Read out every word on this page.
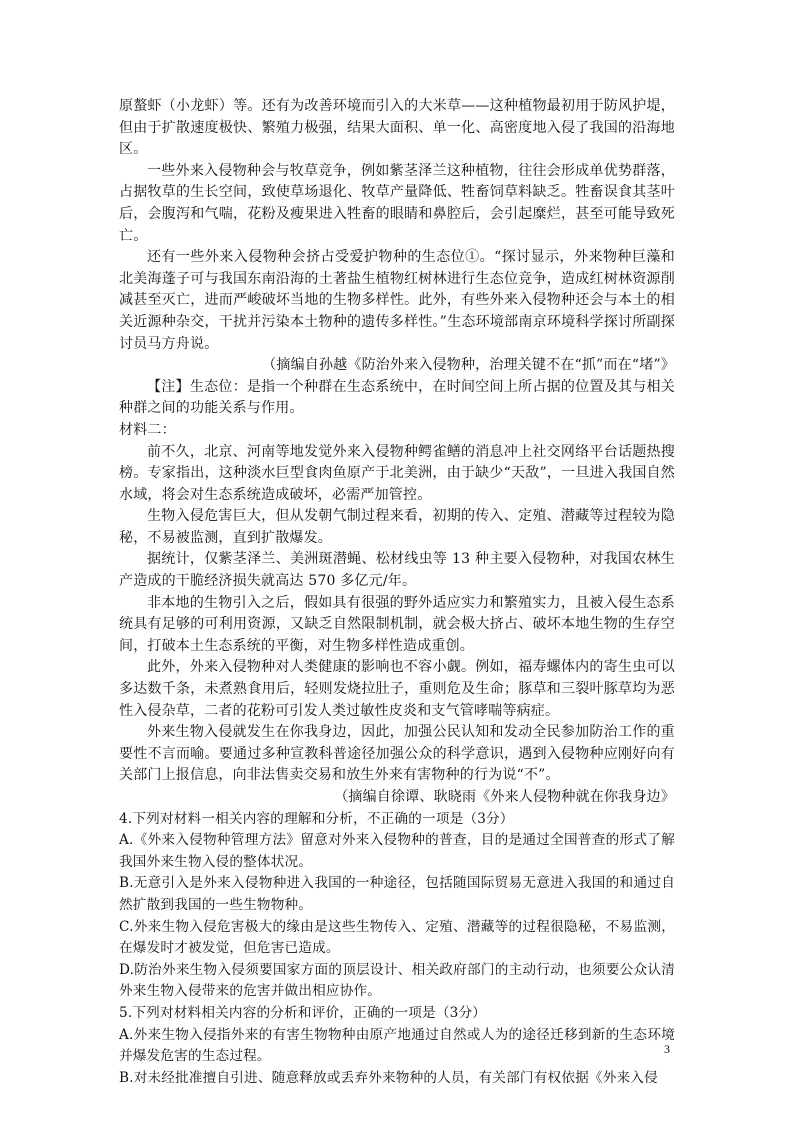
原螯虾（小龙虾）等。还有为改善环境而引入的大米草——这种植物最初用于防风护堤，但由于扩散速度极快、繁殖力极强，结果大面积、单一化、高密度地入侵了我国的沿海地区。

一些外来入侵物种会与牧草竞争，例如紫茎泽兰这种植物，往往会形成单优势群落，占据牧草的生长空间，致使草场退化、牧草产量降低、牲畜饲草料缺乏。牲畜误食其茎叶后，会腹泻和气喘，花粉及瘦果进入牲畜的眼睛和鼻腔后，会引起糜烂，甚至可能导致死亡。

还有一些外来入侵物种会挤占受爱护物种的生态位①。“探讨显示，外来物种巨藻和北美海蓬子可与我国东南沿海的土著盐生植物红树林进行生态位竞争，造成红树林资源削减甚至灭亡，进而严峻破坏当地的生物多样性。此外，有些外来入侵物种还会与本土的相关近源种杂交，干扰并污染本土物种的遗传多样性。”生态环境部南京环境科学探讨所副探讨员马方舟说。

（摘编自孙越《防治外来入侵物种，治理关键不在“抓”而在“堵”》

【注】生态位：是指一个种群在生态系统中，在时间空间上所占据的位置及其与相关种群之间的功能关系与作用。

材料二：

前不久，北京、河南等地发觉外来入侵物种鳄雀鳝的消息冲上社交网络平台话题热搜榜。专家指出，这种淡水巨型食肉鱼原产于北美洲，由于缺少“天敌”，一旦进入我国自然水域，将会对生态系统造成破坏，必需严加管控。

生物入侵危害巨大，但从发朝气制过程来看，初期的传入、定殖、潜藏等过程较为隐秘，不易被监测，直到扩散爆发。

据统计，仅紫茎泽兰、美洲斑潜蝇、松材线虫等 13 种主要入侵物种，对我国农林生产造成的干脆经济损失就高达 570 多亿元/年。

非本地的生物引入之后，假如具有很强的野外适应实力和繁殖实力，且被入侵生态系统具有足够的可利用资源，又缺乏自然限制机制，就会极大挤占、破坏本地生物的生存空间，打破本土生态系统的平衡，对生物多样性造成重创。

此外，外来入侵物种对人类健康的影响也不容小觑。例如，福寿螺体内的寄生虫可以多达数千条，未煮熟食用后，轻则发烧拉肚子，重则危及生命；豚草和三裂叶豚草均为恶性入侵杂草，二者的花粉可引发人类过敏性皮炎和支气管哮喘等病症。

外来生物入侵就发生在你我身边，因此，加强公民认知和发动全民参加防治工作的重要性不言而喻。要通过多种宣教科普途径加强公众的科学意识，遇到入侵物种应刚好向有关部门上报信息，向非法售卖交易和放生外来有害物种的行为说“不”。

（摘编自徐谭、耿晓雨《外来人侵物种就在你我身边》

4.下列对材料一相关内容的理解和分析，不正确的一项是（3分）

A.《外来入侵物种管理方法》留意对外来入侵物种的普查，目的是通过全国普查的形式了解我国外来生物入侵的整体状况。

B.无意引入是外来入侵物种进入我国的一种途径，包括随国际贸易无意进入我国的和通过自然扩散到我国的一些生物物种。

C.外来生物入侵危害极大的缘由是这些生物传入、定殖、潜藏等的过程很隐秘，不易监测，在爆发时才被发觉，但危害已造成。

D.防治外来生物入侵须要国家方面的顶层设计、相关政府部门的主动行动，也须要公众认清外来生物入侵带来的危害并做出相应协作。

5.下列对材料相关内容的分析和评价，正确的一项是（3分）

A.外来生物入侵指外来的有害生物物种由原产地通过自然或人为的途径迁移到新的生态环境并爆发危害的生态过程。

B.对未经批准擅自引进、随意释放或丢弃外来物种的人员，有关部门有权依据《外来入侵

3
